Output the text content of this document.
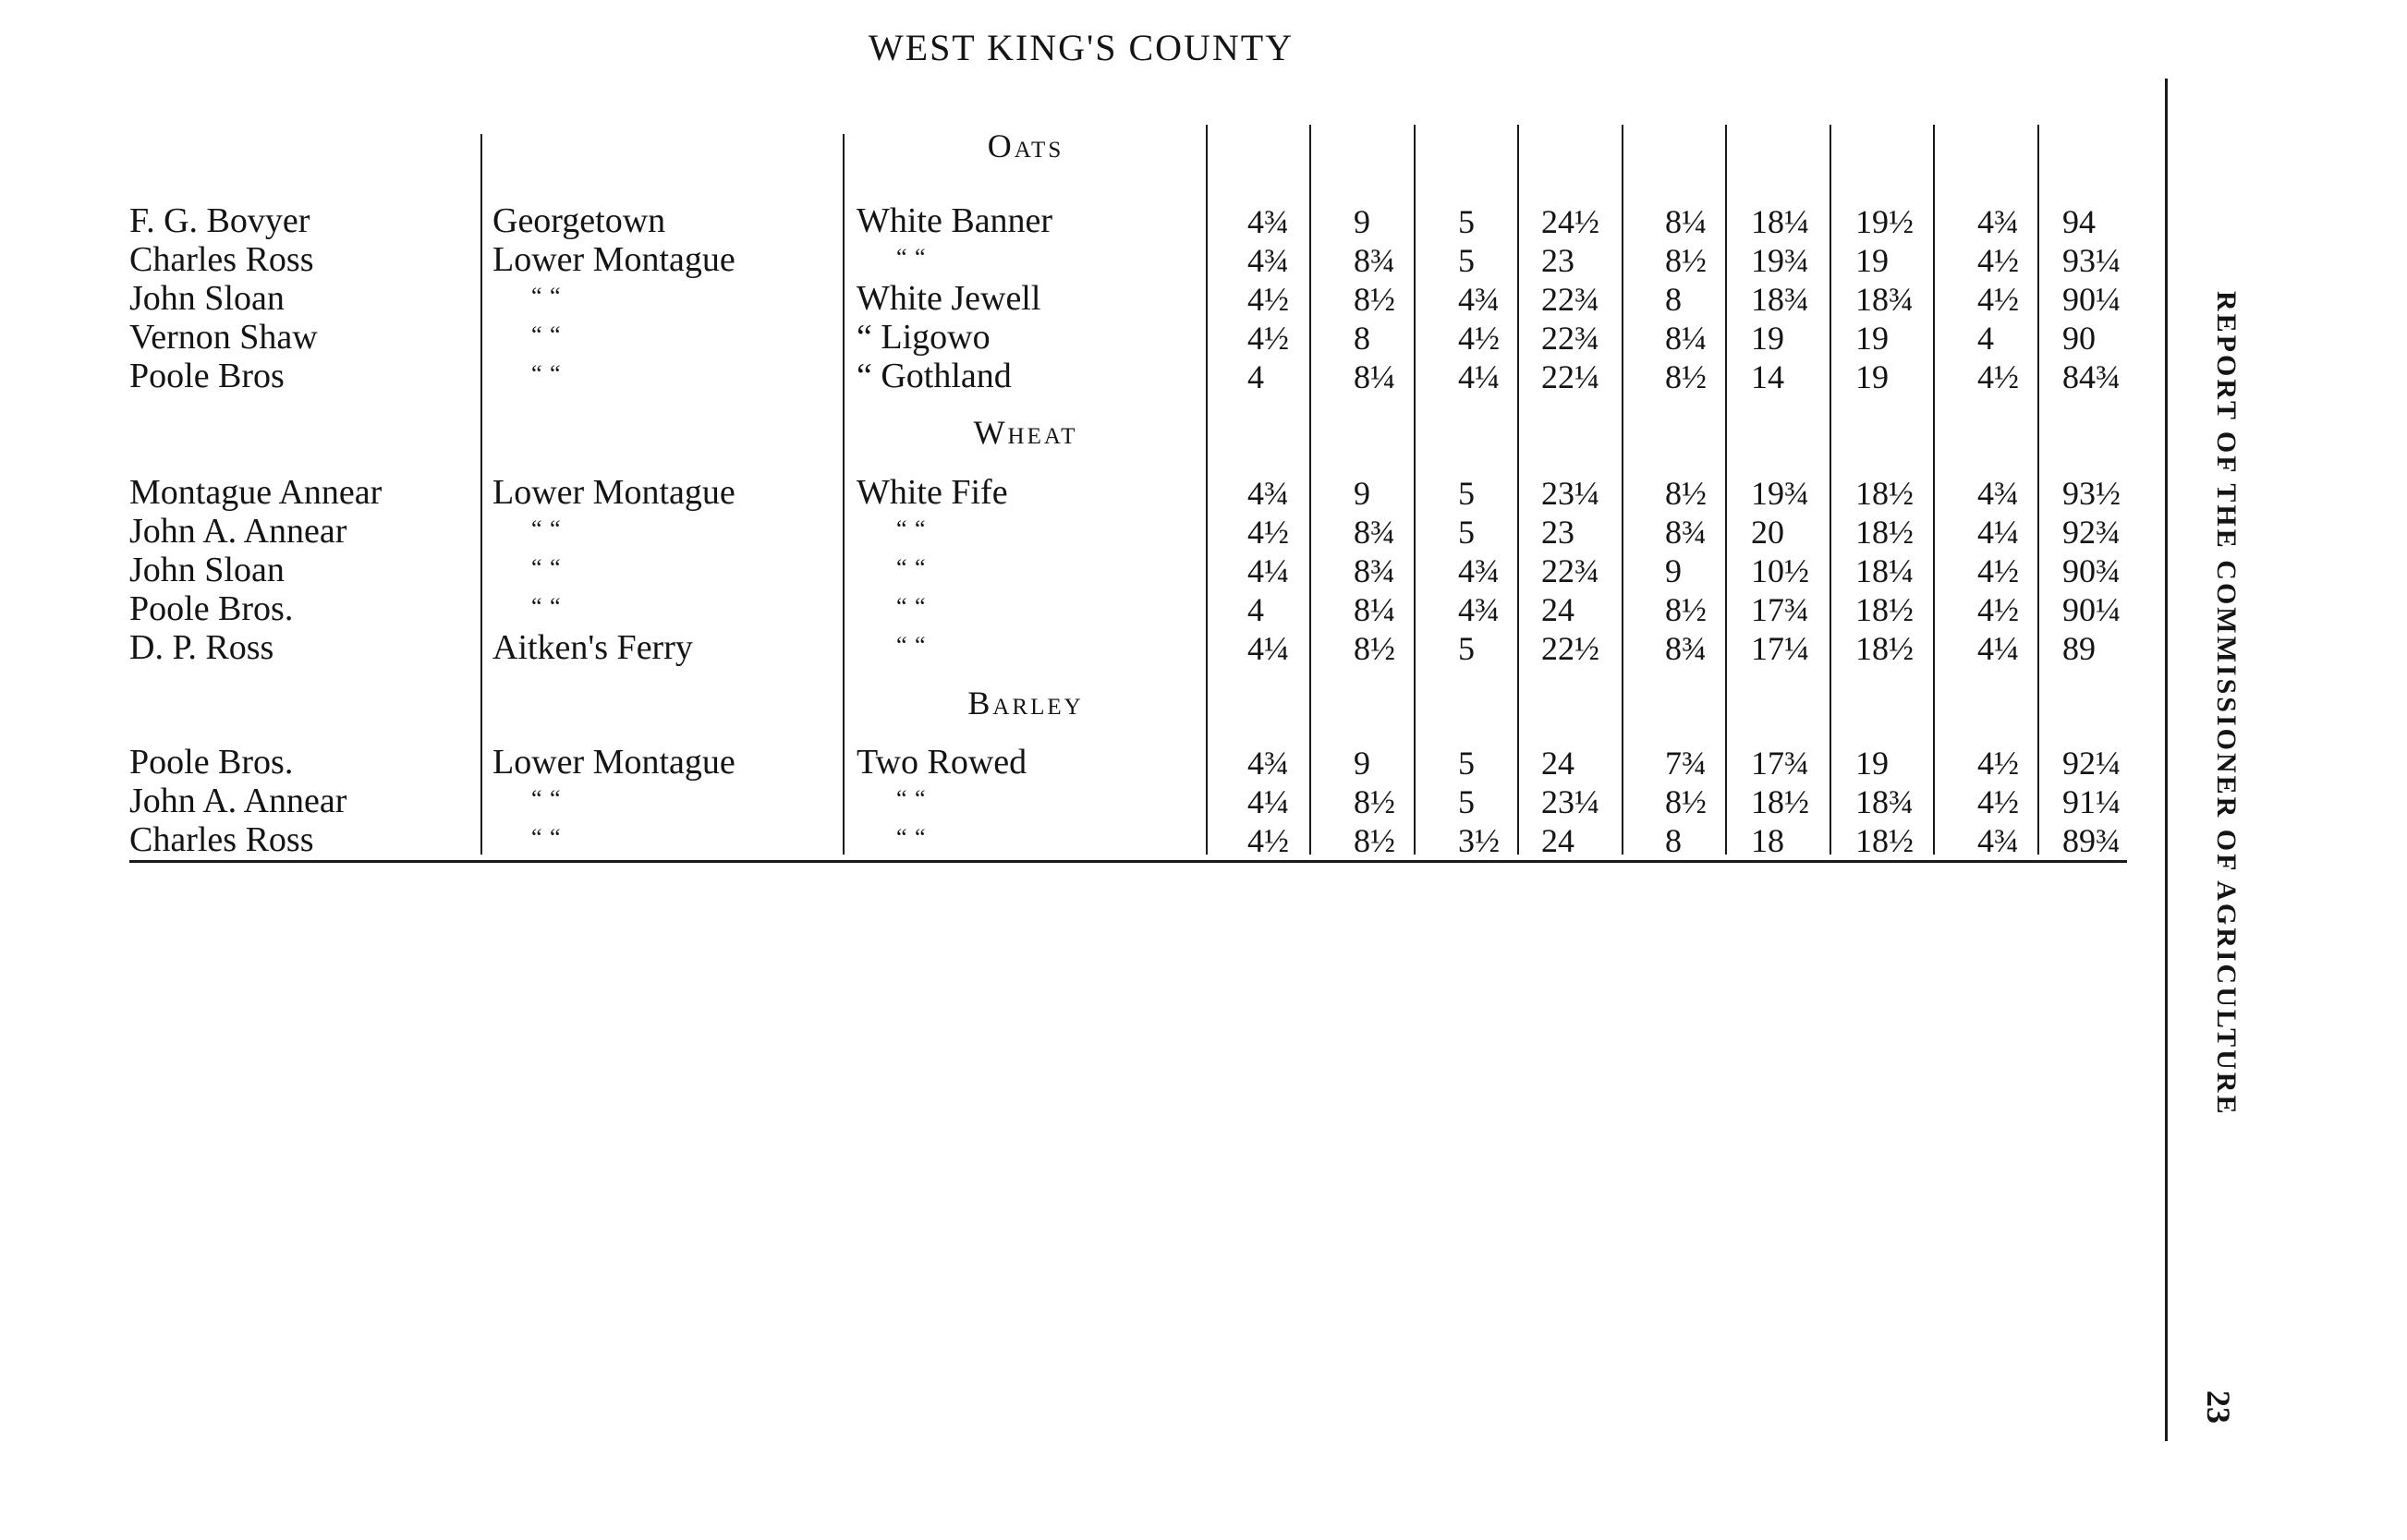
WEST KING'S COUNTY
Oats
Wheat
Barley
F. G. Bovyer	Georgetown	White Banner	4¾ 9	5 24½ 8¼ 18¼ 19½ 4¾ 94
Charles Ross	Lower Montague	“ “	4¾ 8¾ 5 23	8½ 19¾ 19	4½ 93¼
John Sloan	“ “	White Jewell	4½ 8½ 4¾ 22¾ 8 18¾ 18¾ 4½ 90¼
Vernon Shaw	“ “	“ Ligowo	4½ 8	4½ 22¾ 8¼ 19 19	4 90
Poole Bros	“ “	“ Gothland	4	8¼ 4¼ 22¼ 8½ 14 19	4½ 84¾
Montague Annear	Lower Montague	White Fife	4¾ 9	5 23¼ 8½ 19¾ 18½ 4¾ 93½
John A. Annear	“ “	“ “	4½ 8¾ 5 23	8¾ 20 18½ 4¼ 92¾
John Sloan	“ “	“ “	4¼ 8¾ 4¾ 22¾ 9 10½ 18¼ 4½ 90¾
Poole Bros.	“ “	“ “	4	8¼ 4¾ 24	8½ 17¾ 18½ 4½ 90¼
D. P. Ross	Aitken's Ferry	“ “	4¼ 8½ 5 22½ 8¾ 17¼ 18½ 4¼ 89
Poole Bros.	Lower Montague	Two Rowed	4¾ 9	5 24	7¾ 17¾ 19	4½ 92¼
John A. Annear	“ “	“ “	4¼ 8½ 5 23¼ 8½ 18½ 18¾ 4½ 91¼
Charles Ross	“ “	“ “	4½ 8½ 3½ 24	8 18 18½ 4¾ 89¾	REPORT OF THE COMMISSIONER OF AGRICULTURE
23
